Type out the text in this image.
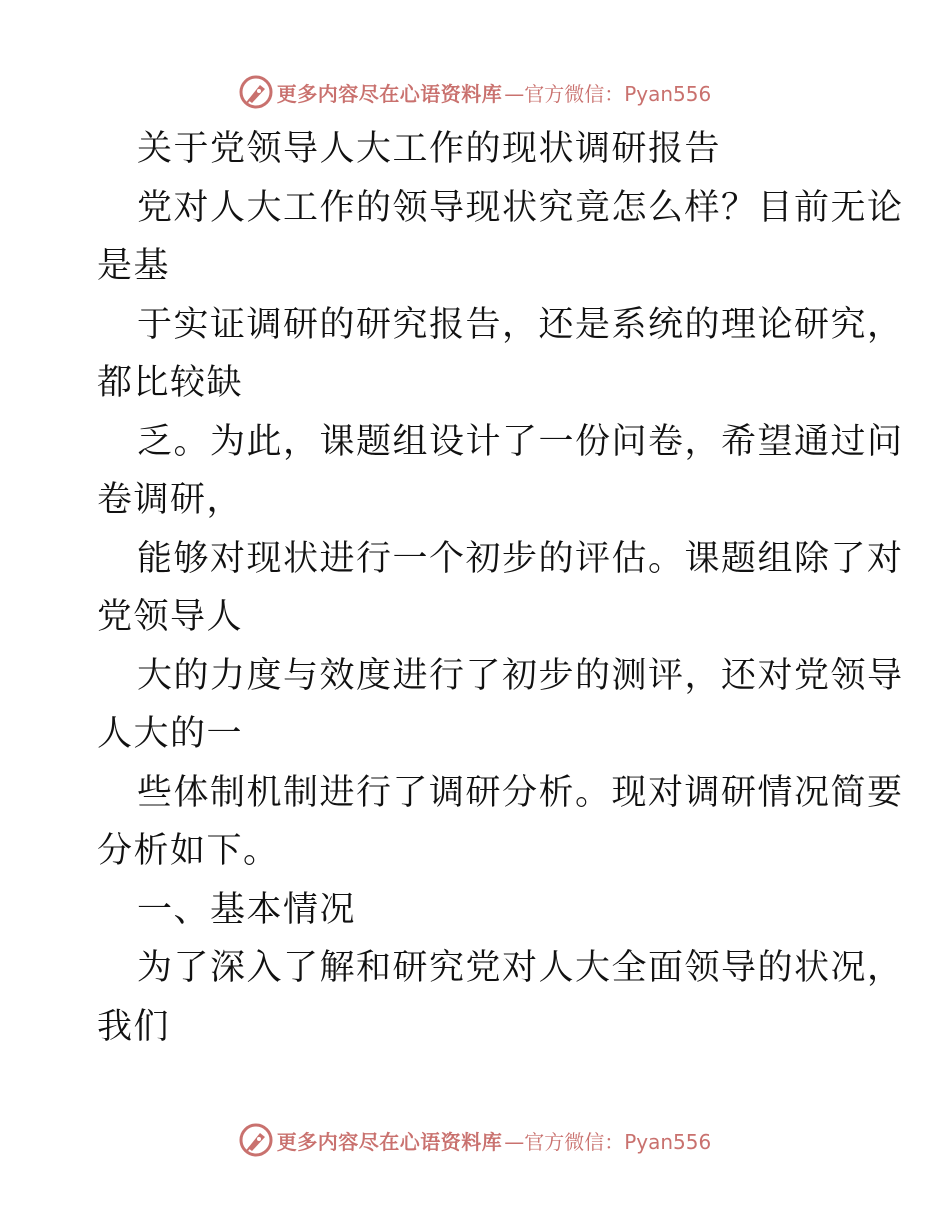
更多内容尽在心语资料库 —官方微信：Pyan556
关于党领导人大工作的现状调研报告
党对人大工作的领导现状究竟怎么样？目前无论
是基
于实证调研的研究报告，还是系统的理论研究，
都比较缺
乏。为此，课题组设计了一份问卷，希望通过问
卷调研，
能够对现状进行一个初步的评估。课题组除了对
党领导人
大的力度与效度进行了初步的测评，还对党领导
人大的一
些体制机制进行了调研分析。现对调研情况简要
分析如下。
一、基本情况
为了深入了解和研究党对人大全面领导的状况，
我们
更多内容尽在心语资料库 —官方微信：Pyan556
